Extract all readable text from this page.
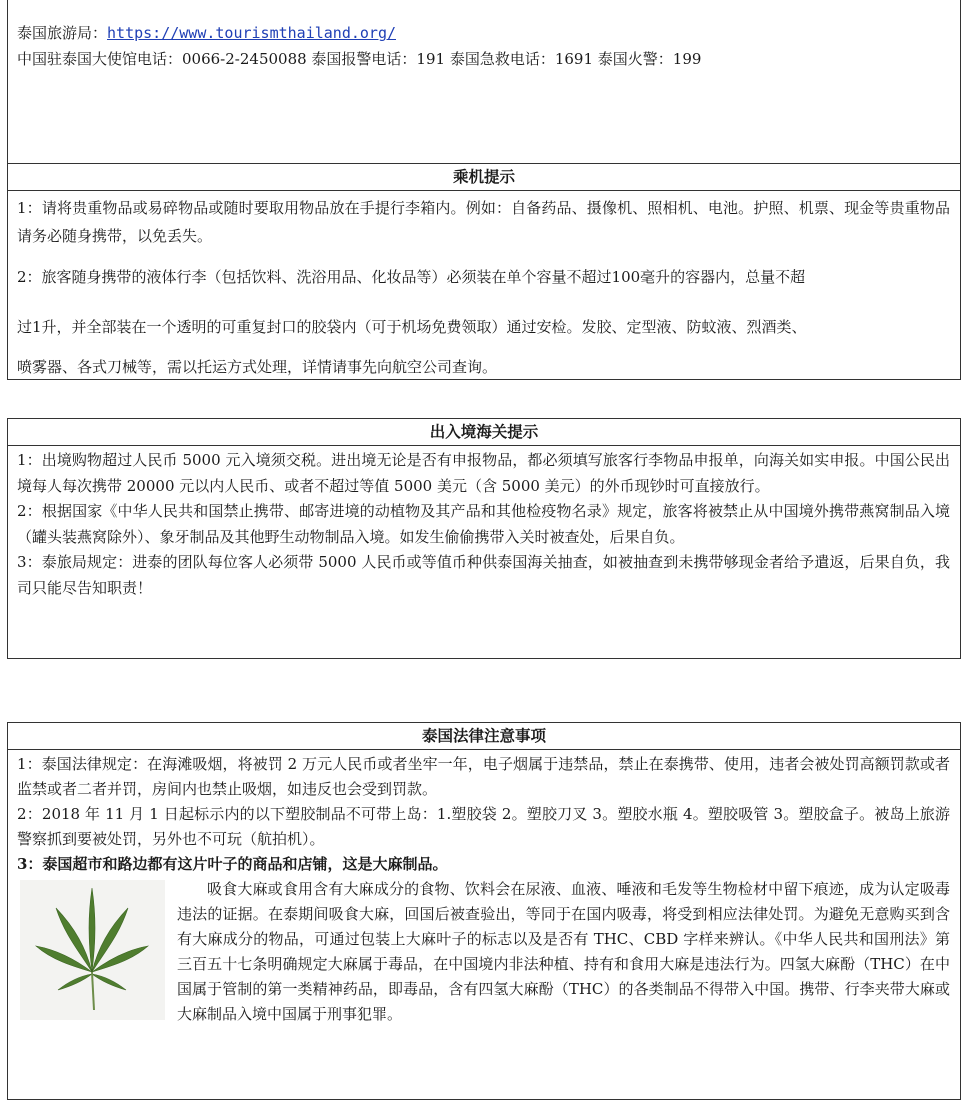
泰国旅游局：https://www.tourismthailand.org/

中国驻泰国大使馆电话：0066-2-2450088 泰国报警电话：191 泰国急救电话：1691 泰国火警：199

乘机提示

1：请将贵重物品或易碎物品或随时要取用物品放在手提行李箱内。例如：自备药品、摄像机、照相机、电池。护照、机票、现金等贵重物品请务必随身携带，以免丢失。

2：旅客随身携带的液体行李（包括饮料、洗浴用品、化妆品等）必须装在单个容量不超过100毫升的容器内，总量不超

过1升，并全部装在一个透明的可重复封口的胶袋内（可于机场免费领取）通过安检。发胶、定型液、防蚊液、烈酒类、

喷雾器、各式刀械等，需以托运方式处理，详情请事先向航空公司查询。

出入境海关提示

1：出境购物超过人民币 5000 元入境须交税。进出境无论是否有申报物品，都必须填写旅客行李物品申报单，向海关如实申报。中国公民出境每人每次携带 20000 元以内人民币、或者不超过等值 5000 美元（含 5000 美元）的外币现钞时可直接放行。

2：根据国家《中华人民共和国禁止携带、邮寄进境的动植物及其产品和其他检疫物名录》规定，旅客将被禁止从中国境外携带燕窝制品入境（罐头装燕窝除外）、象牙制品及其他野生动物制品入境。如发生偷偷携带入关时被查处，后果自负。

3：泰旅局规定：进泰的团队每位客人必须带 5000 人民币或等值币种供泰国海关抽查，如被抽查到未携带够现金者给予遣返，后果自负，我司只能尽告知职责！

泰国法律注意事项

1：泰国法律规定：在海滩吸烟，将被罚 2 万元人民币或者坐牢一年，电子烟属于违禁品，禁止在泰携带、使用，违者会被处罚高额罚款或者监禁或者二者并罚，房间内也禁止吸烟，如违反也会受到罚款。

2：2018 年 11 月 1 日起标示内的以下塑胶制品不可带上岛：1.塑胶袋 2。塑胶刀叉 3。塑胶水瓶 4。塑胶吸管 3。塑胶盒子。被岛上旅游警察抓到要被处罚，另外也不可玩（航拍机）。

3：泰国超市和路边都有这片叶子的商品和店铺，这是大麻制品。

吸食大麻或食用含有大麻成分的食物、饮料会在尿液、血液、唾液和毛发等生物检材中留下痕迹，成为认定吸毒违法的证据。在泰期间吸食大麻，回国后被查验出，等同于在国内吸毒，将受到相应法律处罚。为避免无意购买到含有大麻成分的物品，可通过包装上大麻叶子的标志以及是否有 THC、CBD 字样来辨认。《中华人民共和国刑法》第三百五十七条明确规定大麻属于毒品，在中国境内非法种植、持有和食用大麻是违法行为。四氢大麻酚（THC）在中国属于管制的第一类精神药品，即毒品，含有四氢大麻酚（THC）的各类制品不得带入中国。携带、行李夹带大麻或大麻制品入境中国属于刑事犯罪。
